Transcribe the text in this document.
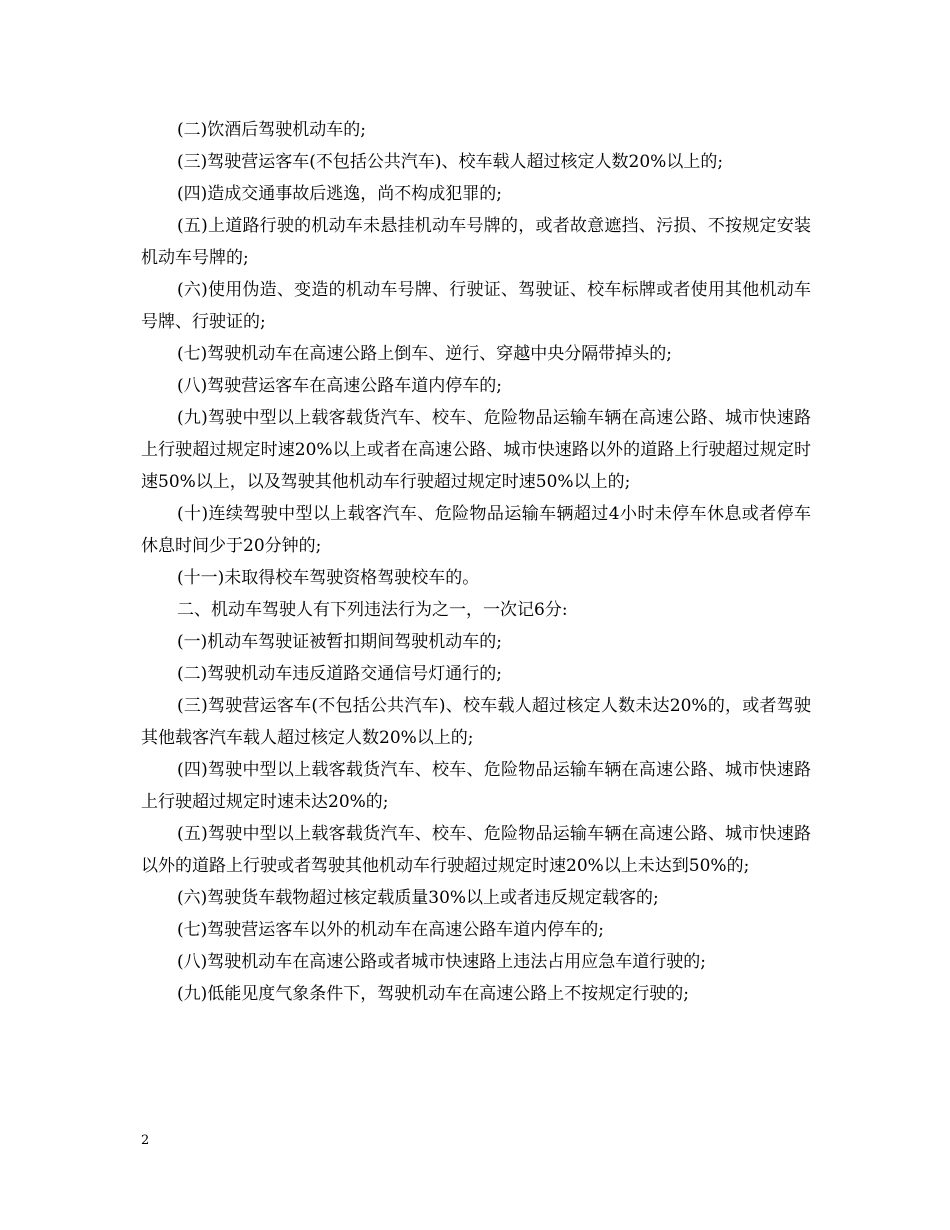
(二)饮酒后驾驶机动车的;

(三)驾驶营运客车(不包括公共汽车)、校车载人超过核定人数20%以上的;

(四)造成交通事故后逃逸，尚不构成犯罪的;

(五)上道路行驶的机动车未悬挂机动车号牌的，或者故意遮挡、污损、不按规定安装机动车号牌的;

(六)使用伪造、变造的机动车号牌、行驶证、驾驶证、校车标牌或者使用其他机动车号牌、行驶证的;

(七)驾驶机动车在高速公路上倒车、逆行、穿越中央分隔带掉头的;

(八)驾驶营运客车在高速公路车道内停车的;

(九)驾驶中型以上载客载货汽车、校车、危险物品运输车辆在高速公路、城市快速路上行驶超过规定时速20%以上或者在高速公路、城市快速路以外的道路上行驶超过规定时速50%以上，以及驾驶其他机动车行驶超过规定时速50%以上的;

(十)连续驾驶中型以上载客汽车、危险物品运输车辆超过4小时未停车休息或者停车休息时间少于20分钟的;

(十一)未取得校车驾驶资格驾驶校车的。

二、机动车驾驶人有下列违法行为之一，一次记6分:

(一)机动车驾驶证被暂扣期间驾驶机动车的;

(二)驾驶机动车违反道路交通信号灯通行的;

(三)驾驶营运客车(不包括公共汽车)、校车载人超过核定人数未达20%的，或者驾驶其他载客汽车载人超过核定人数20%以上的;

(四)驾驶中型以上载客载货汽车、校车、危险物品运输车辆在高速公路、城市快速路上行驶超过规定时速未达20%的;

(五)驾驶中型以上载客载货汽车、校车、危险物品运输车辆在高速公路、城市快速路以外的道路上行驶或者驾驶其他机动车行驶超过规定时速20%以上未达到50%的;

(六)驾驶货车载物超过核定载质量30%以上或者违反规定载客的;

(七)驾驶营运客车以外的机动车在高速公路车道内停车的;

(八)驾驶机动车在高速公路或者城市快速路上违法占用应急车道行驶的;

(九)低能见度气象条件下，驾驶机动车在高速公路上不按规定行驶的;

2
